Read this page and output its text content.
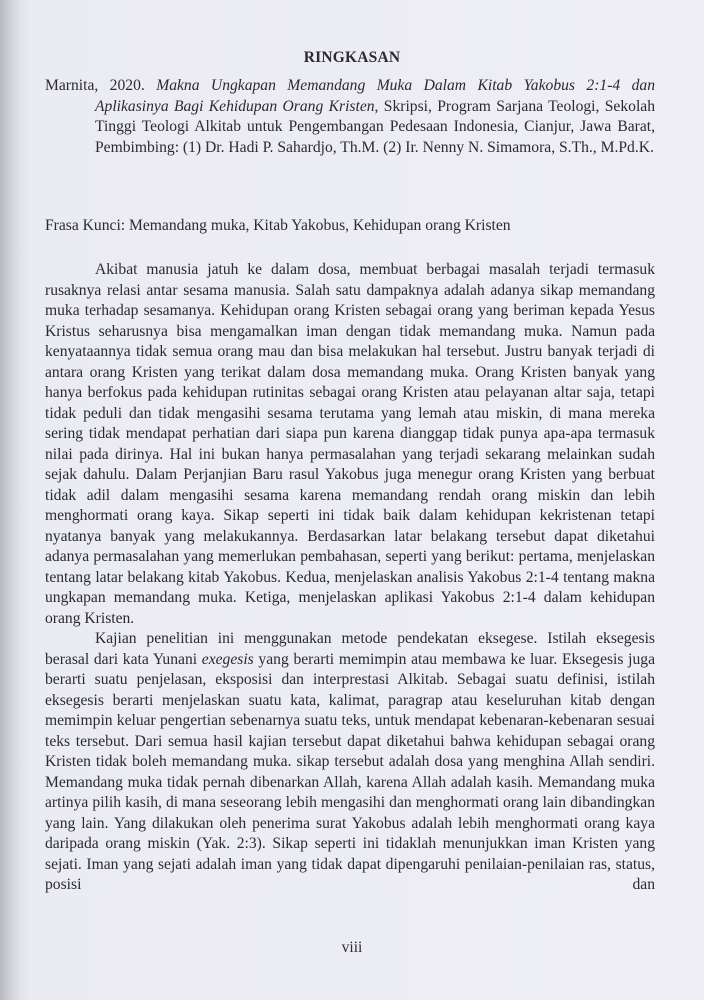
RINGKASAN
Marnita, 2020. Makna Ungkapan Memandang Muka Dalam Kitab Yakobus 2:1-4 dan Aplikasinya Bagi Kehidupan Orang Kristen, Skripsi, Program Sarjana Teologi, Sekolah Tinggi Teologi Alkitab untuk Pengembangan Pedesaan Indonesia, Cianjur, Jawa Barat, Pembimbing: (1) Dr. Hadi P. Sahardjo, Th.M. (2) Ir. Nenny N. Simamora, S.Th., M.Pd.K.
Frasa Kunci: Memandang muka, Kitab Yakobus, Kehidupan orang Kristen

Akibat manusia jatuh ke dalam dosa, membuat berbagai masalah terjadi termasuk rusaknya relasi antar sesama manusia. Salah satu dampaknya adalah adanya sikap memandang muka terhadap sesamanya. Kehidupan orang Kristen sebagai orang yang beriman kepada Yesus Kristus seharusnya bisa mengamalkan iman dengan tidak memandang muka. Namun pada kenyataannya tidak semua orang mau dan bisa melakukan hal tersebut. Justru banyak terjadi di antara orang Kristen yang terikat dalam dosa memandang muka. Orang Kristen banyak yang hanya berfokus pada kehidupan rutinitas sebagai orang Kristen atau pelayanan altar saja, tetapi tidak peduli dan tidak mengasihi sesama terutama yang lemah atau miskin, di mana mereka sering tidak mendapat perhatian dari siapa pun karena dianggap tidak punya apa-apa termasuk nilai pada dirinya. Hal ini bukan hanya permasalahan yang terjadi sekarang melainkan sudah sejak dahulu. Dalam Perjanjian Baru rasul Yakobus juga menegur orang Kristen yang berbuat tidak adil dalam mengasihi sesama karena memandang rendah orang miskin dan lebih menghormati orang kaya. Sikap seperti ini tidak baik dalam kehidupan kekristenan tetapi nyatanya banyak yang melakukannya. Berdasarkan latar belakang tersebut dapat diketahui adanya permasalahan yang memerlukan pembahasan, seperti yang berikut: pertama, menjelaskan tentang latar belakang kitab Yakobus. Kedua, menjelaskan analisis Yakobus 2:1-4 tentang makna ungkapan memandang muka. Ketiga, menjelaskan aplikasi Yakobus 2:1-4 dalam kehidupan orang Kristen.

Kajian penelitian ini menggunakan metode pendekatan eksegese. Istilah eksegesis berasal dari kata Yunani exegesis yang berarti memimpin atau membawa ke luar. Eksegesis juga berarti suatu penjelasan, eksposisi dan interprestasi Alkitab. Sebagai suatu definisi, istilah eksegesis berarti menjelaskan suatu kata, kalimat, paragrap atau keseluruhan kitab dengan memimpin keluar pengertian sebenarnya suatu teks, untuk mendapat kebenaran-kebenaran sesuai teks tersebut. Dari semua hasil kajian tersebut dapat diketahui bahwa kehidupan sebagai orang Kristen tidak boleh memandang muka. sikap tersebut adalah dosa yang menghina Allah sendiri. Memandang muka tidak pernah dibenarkan Allah, karena Allah adalah kasih. Memandang muka artinya pilih kasih, di mana seseorang lebih mengasihi dan menghormati orang lain dibandingkan yang lain. Yang dilakukan oleh penerima surat Yakobus adalah lebih menghormati orang kaya daripada orang miskin (Yak. 2:3). Sikap seperti ini tidaklah menunjukkan iman Kristen yang sejati. Iman yang sejati adalah iman yang tidak dapat dipengaruhi penilaian-penilaian ras, status, posisi dan

viii
